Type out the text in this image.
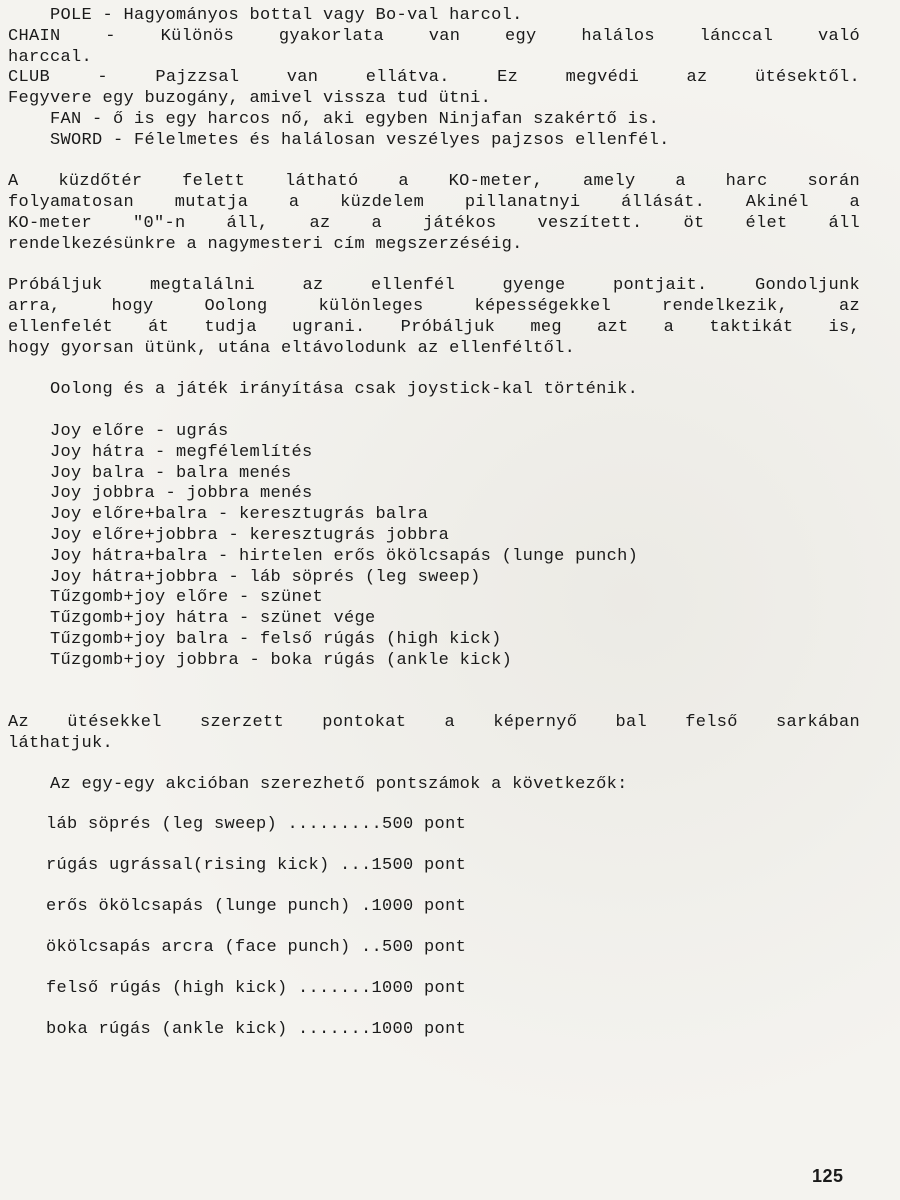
POLE - Hagyományos bottal vagy Bo-val harcol.
CHAIN - Különös gyakorlata van egy halálos lánccal való
harccal.
CLUB - Pajzzsal van ellátva. Ez megvédi az ütésektől.
Fegyvere egy buzogány, amivel vissza tud ütni.
FAN - ő is egy harcos nő, aki egyben Ninjafan szakértő is.
SWORD - Félelmetes és halálosan veszélyes pajzsos ellenfél.
A küzdőtér felett látható a KO-meter, amely a harc során
folyamatosan mutatja a küzdelem pillanatnyi állását. Akinél a
KO-meter "0"-n áll, az a játékos veszített. öt élet áll
rendelkezésünkre a nagymesteri cím megszerzéséig.
Próbáljuk megtalálni az ellenfél gyenge pontjait. Gondoljunk
arra, hogy Oolong különleges képességekkel rendelkezik, az
ellenfelét át tudja ugrani. Próbáljuk meg azt a taktikát is,
hogy gyorsan ütünk, utána eltávolodunk az ellenféltől.
Oolong és a játék irányítása csak joystick-kal történik.
Joy előre - ugrás
Joy hátra - megfélemlítés
Joy balra - balra menés
Joy jobbra - jobbra menés
Joy előre+balra - keresztugrás balra
Joy előre+jobbra - keresztugrás jobbra
Joy hátra+balra - hirtelen erős ökölcsapás (lunge punch)
Joy hátra+jobbra - láb söprés (leg sweep)
Tűzgomb+joy előre - szünet
Tűzgomb+joy hátra - szünet vége
Tűzgomb+joy balra - felső rúgás (high kick)
Tűzgomb+joy jobbra - boka rúgás (ankle kick)
Az ütésekkel szerzett pontokat a képernyő bal felső sarkában
láthatjuk.
Az egy-egy akcióban szerezhető pontszámok a következők:
láb söprés (leg sweep) .........500 pont
rúgás ugrással(rising kick) ...1500 pont
erős ökölcsapás (lunge punch) .1000 pont
ökölcsapás arcra (face punch) ..500 pont
felső rúgás (high kick) .......1000 pont
boka rúgás (ankle kick) .......1000 pont
125
